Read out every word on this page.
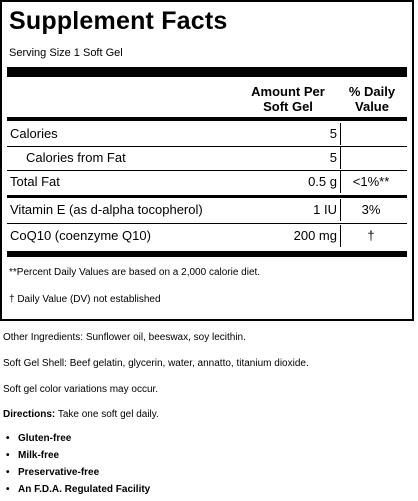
Supplement Facts
Serving Size 1 Soft Gel
Amount Per
Soft Gel
% Daily
Value
Calories	5
Calories from Fat	5
Total Fat	0.5 g	<1%**
Vitamin E (as d-alpha tocopherol)	1 IU	3%
CoQ10 (coenzyme Q10)	200 mg	†
**Percent Daily Values are based on a 2,000 calorie diet.
† Daily Value (DV) not established
Other Ingredients: Sunflower oil, beeswax, soy lecithin.
Soft Gel Shell: Beef gelatin, glycerin, water, annatto, titanium dioxide.
Soft gel color variations may occur.
Directions: Take one soft gel daily.
• Gluten-free
• Milk-free
• Preservative-free
• An F.D.A. Regulated Facility
